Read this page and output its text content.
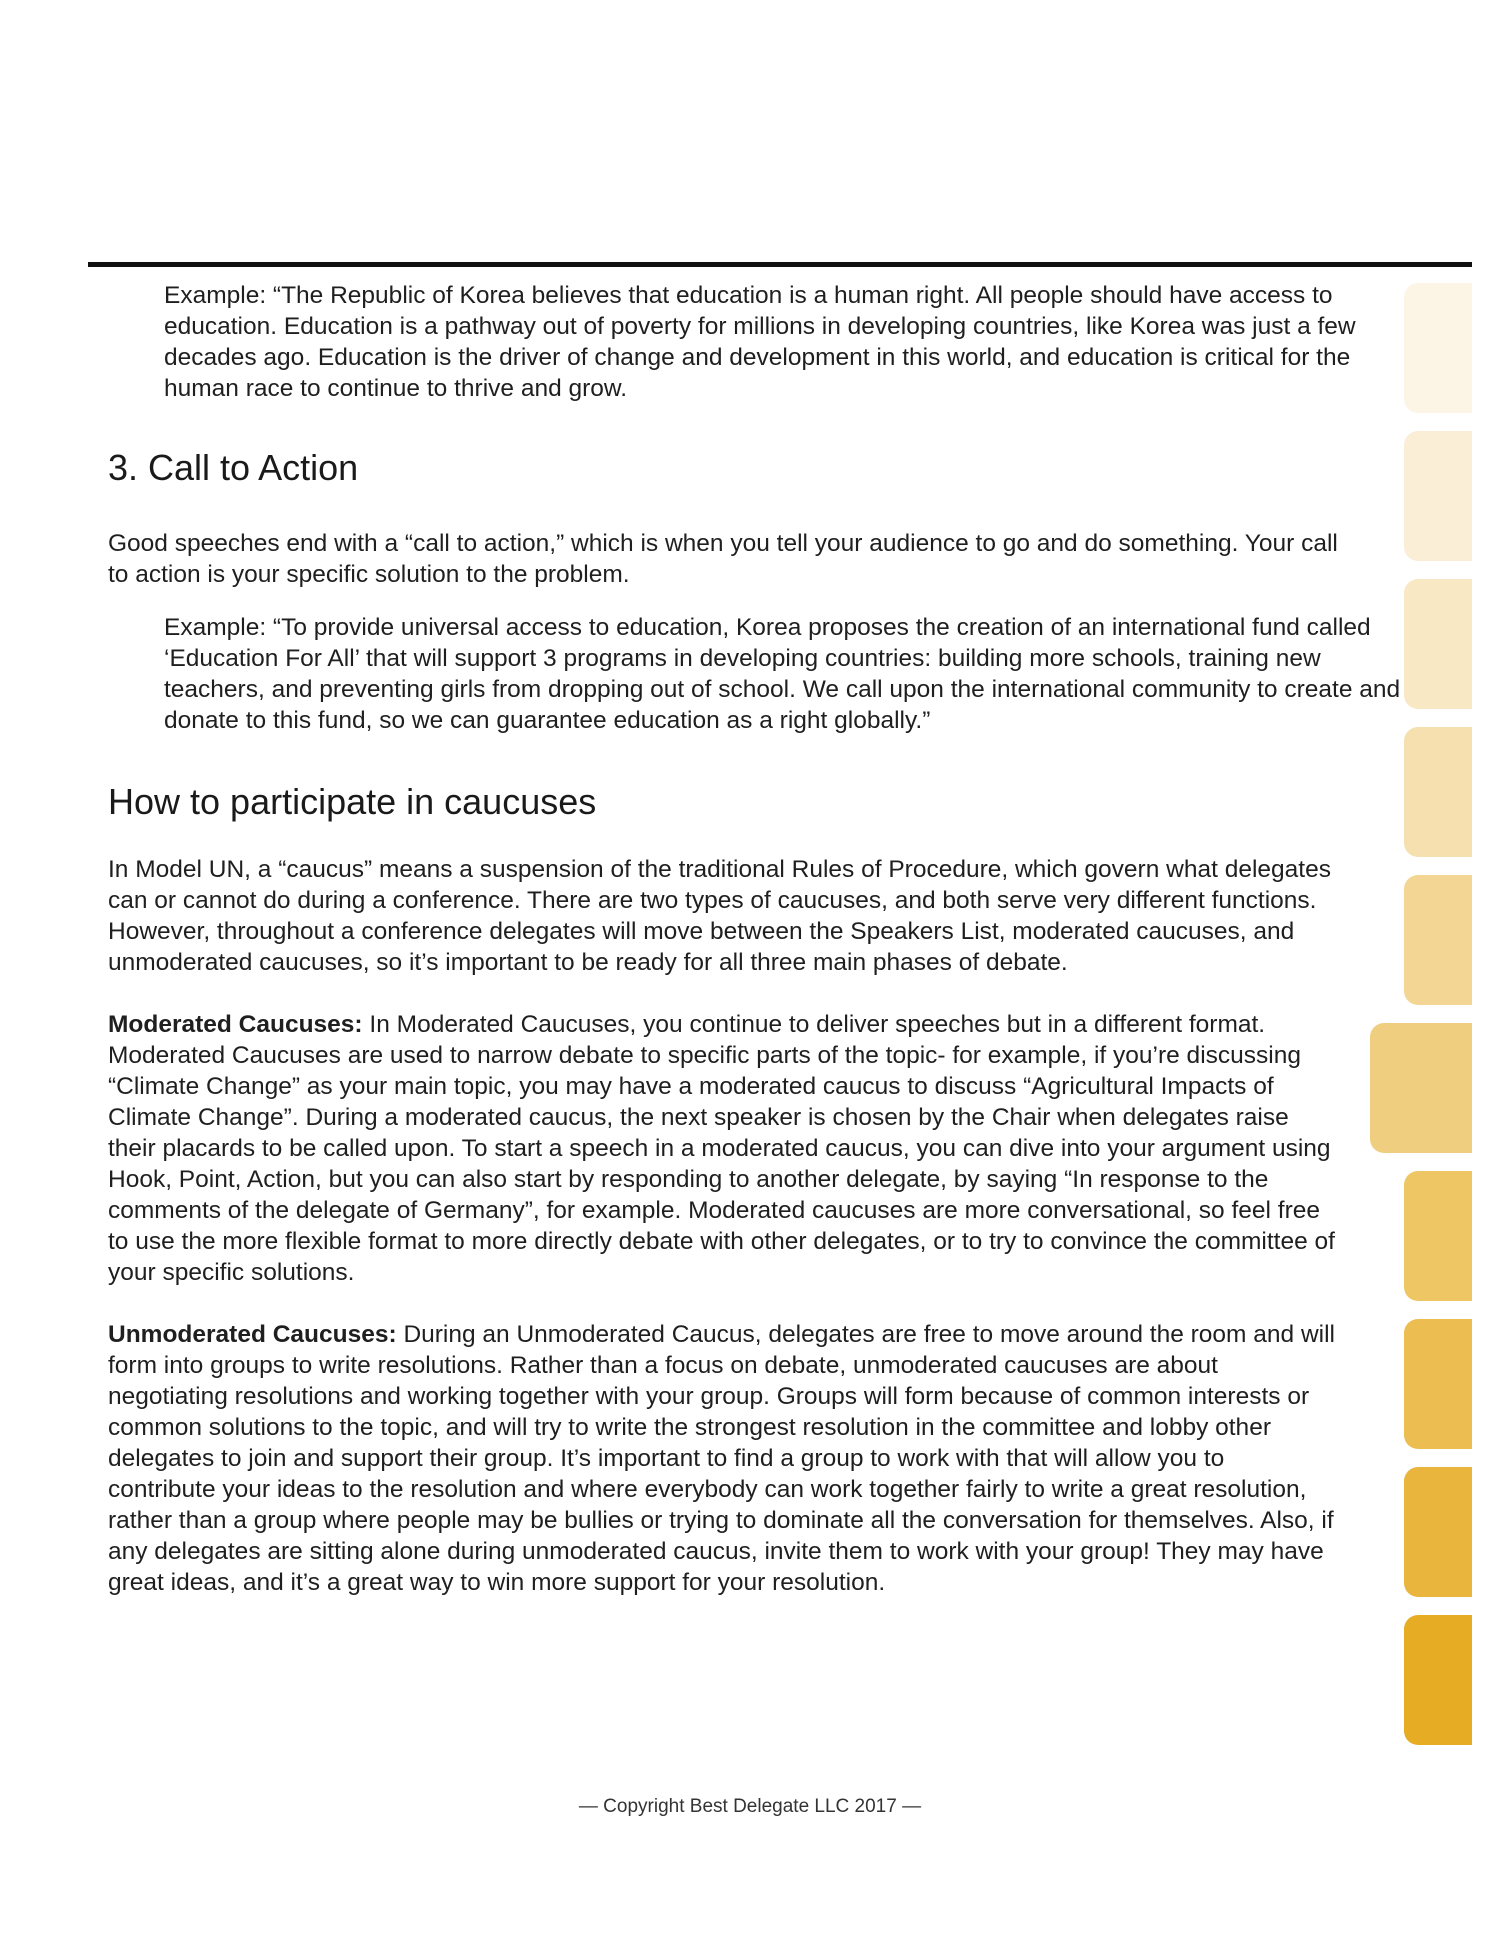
Example: “The Republic of Korea believes that education is a human right. All people should have access to education. Education is a pathway out of poverty for millions in developing countries, like Korea was just a few decades ago. Education is the driver of change and development in this world, and education is critical for the human race to continue to thrive and grow.

3. Call to Action

Good speeches end with a “call to action,” which is when you tell your audience to go and do something. Your call to action is your specific solution to the problem.

Example: “To provide universal access to education, Korea proposes the creation of an international fund called ‘Education For All’ that will support 3 programs in developing countries: building more schools, training new teachers, and preventing girls from dropping out of school. We call upon the international community to create and donate to this fund, so we can guarantee education as a right globally.”

How to participate in caucuses

In Model UN, a “caucus” means a suspension of the traditional Rules of Procedure, which govern what delegates can or cannot do during a conference. There are two types of caucuses, and both serve very different functions. However, throughout a conference delegates will move between the Speakers List, moderated caucuses, and unmoderated caucuses, so it’s important to be ready for all three main phases of debate.

Moderated Caucuses: In Moderated Caucuses, you continue to deliver speeches but in a different format. Moderated Caucuses are used to narrow debate to specific parts of the topic- for example, if you’re discussing “Climate Change” as your main topic, you may have a moderated caucus to discuss “Agricultural Impacts of Climate Change”. During a moderated caucus, the next speaker is chosen by the Chair when delegates raise their placards to be called upon. To start a speech in a moderated caucus, you can dive into your argument using Hook, Point, Action, but you can also start by responding to another delegate, by saying “In response to the comments of the delegate of Germany”, for example. Moderated caucuses are more conversational, so feel free to use the more flexible format to more directly debate with other delegates, or to try to convince the committee of your specific solutions.

Unmoderated Caucuses: During an Unmoderated Caucus, delegates are free to move around the room and will form into groups to write resolutions. Rather than a focus on debate, unmoderated caucuses are about negotiating resolutions and working together with your group. Groups will form because of common interests or common solutions to the topic, and will try to write the strongest resolution in the committee and lobby other delegates to join and support their group. It’s important to find a group to work with that will allow you to contribute your ideas to the resolution and where everybody can work together fairly to write a great resolution, rather than a group where people may be bullies or trying to dominate all the conversation for themselves. Also, if any delegates are sitting alone during unmoderated caucus, invite them to work with your group! They may have great ideas, and it’s a great way to win more support for your resolution.

— Copyright Best Delegate LLC 2017 —
